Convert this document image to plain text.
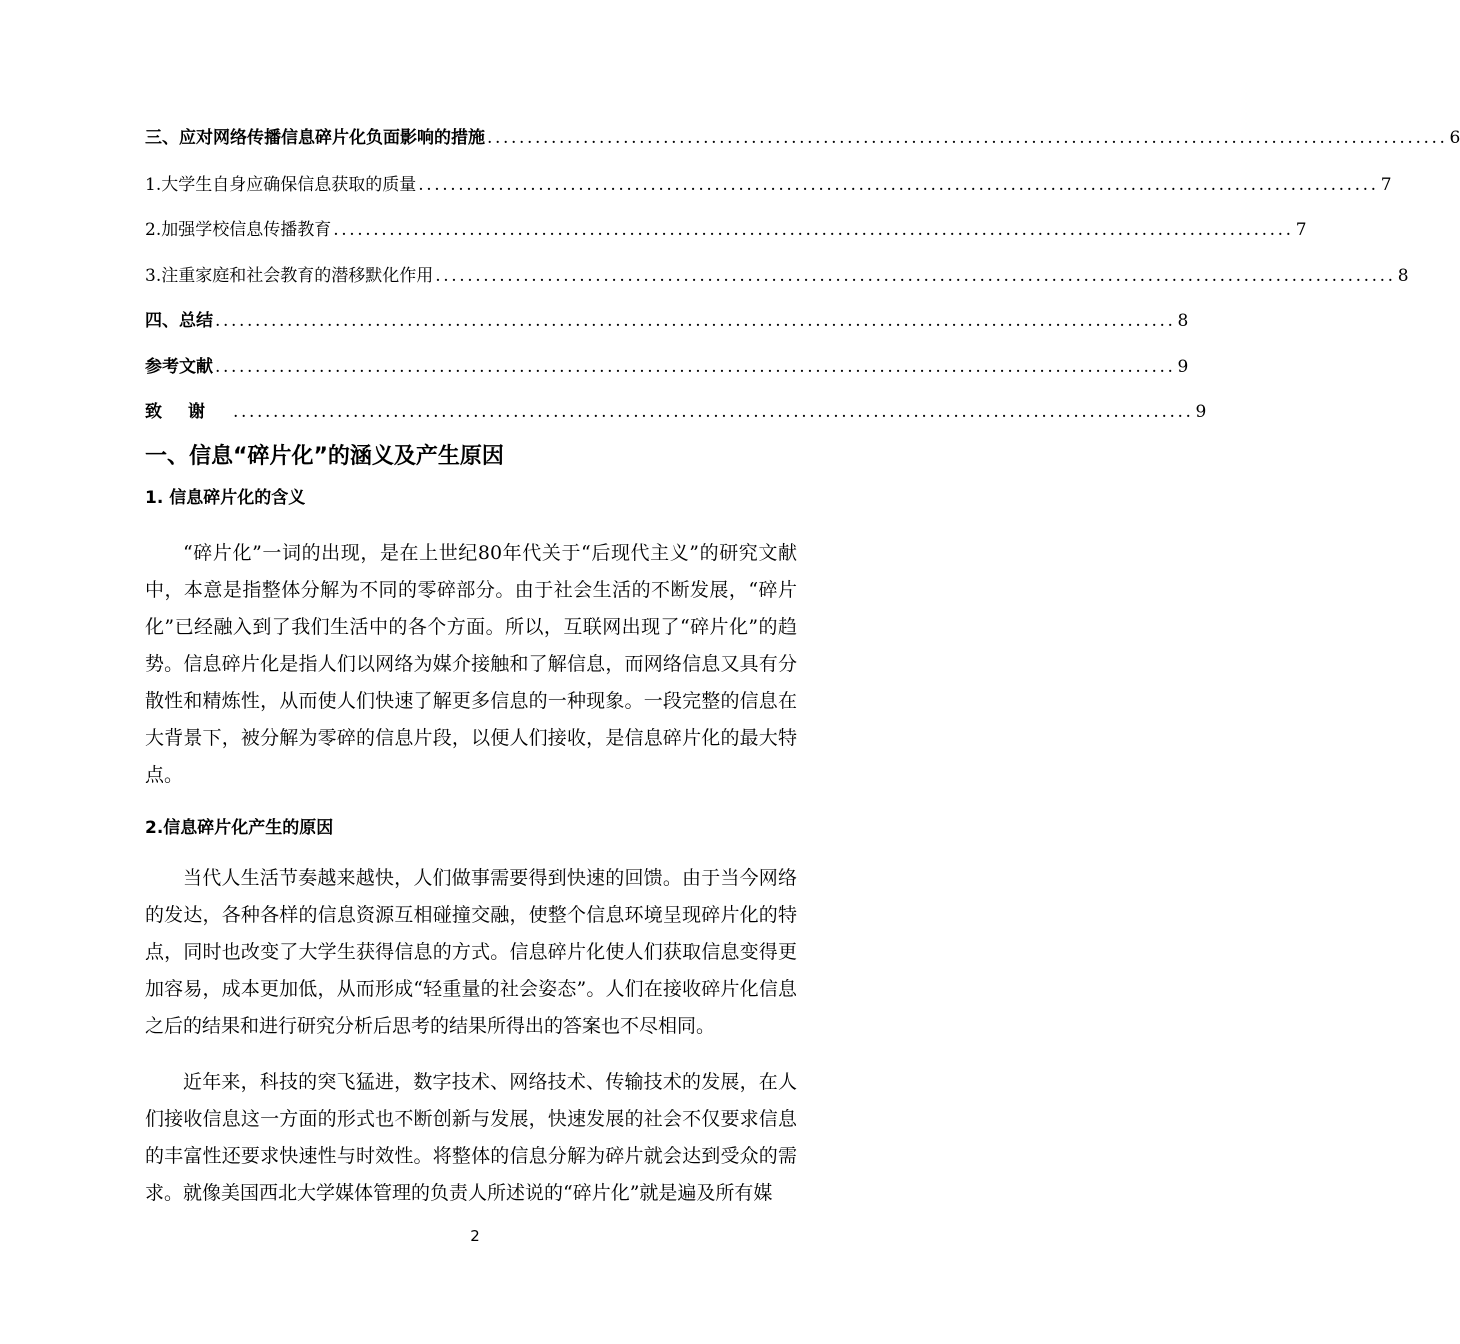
三、应对网络传播信息碎片化负面影响的措施 ........................................................................................................................ 6
1.大学生自身应确保信息获取的质量 ........................................................................................................................ 7
2.加强学校信息传播教育 ........................................................................................................................ 7
3.注重家庭和社会教育的潜移默化作用 ........................................................................................................................ 8
四、总结 ........................................................................................................................ 8
参考文献 ........................................................................................................................ 9
致谢 ........................................................................................................................ 9
一、信息“碎片化”的涵义及产生原因
1. 信息碎片化的含义
“碎片化”一词的出现，是在上世纪80年代关于“后现代主义”的研究文献中，本意是指整体分解为不同的零碎部分。由于社会生活的不断发展，“碎片化”已经融入到了我们生活中的各个方面。所以，互联网出现了“碎片化”的趋势。信息碎片化是指人们以网络为媒介接触和了解信息，而网络信息又具有分散性和精炼性，从而使人们快速了解更多信息的一种现象。一段完整的信息在大背景下，被分解为零碎的信息片段，以便人们接收，是信息碎片化的最大特点。
2.信息碎片化产生的原因
当代人生活节奏越来越快，人们做事需要得到快速的回馈。由于当今网络的发达，各种各样的信息资源互相碰撞交融，使整个信息环境呈现碎片化的特点，同时也改变了大学生获得信息的方式。信息碎片化使人们获取信息变得更加容易，成本更加低，从而形成“轻重量的社会姿态”。人们在接收碎片化信息之后的结果和进行研究分析后思考的结果所得出的答案也不尽相同。
近年来，科技的突飞猛进，数字技术、网络技术、传输技术的发展，在人们接收信息这一方面的形式也不断创新与发展，快速发展的社会不仅要求信息的丰富性还要求快速性与时效性。将整体的信息分解为碎片就会达到受众的需求。就像美国西北大学媒体管理的负责人所述说的“碎片化”就是遍及所有媒
2
